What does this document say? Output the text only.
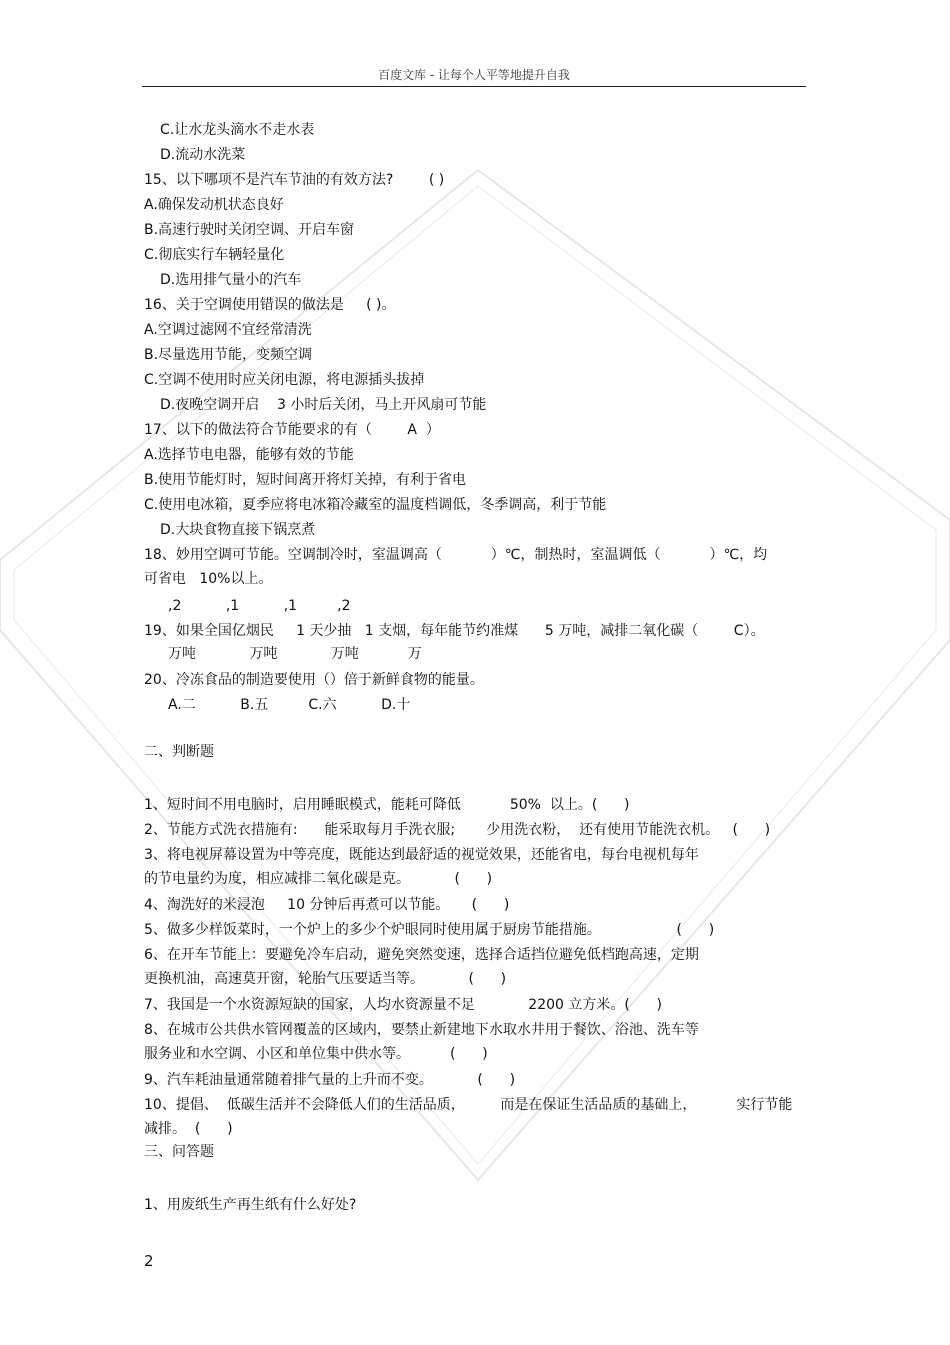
百度文库 - 让每个人平等地提升自我
C.让水龙头滴水不走水表
D.流动水洗菜
15、以下哪项不是汽车节油的有效方法?        ( )
A.确保发动机状态良好
B.高速行驶时关闭空调、开启车窗
C.彻底实行车辆轻量化
D.选用排气量小的汽车
16、关于空调使用错误的做法是     ( )。
A.空调过滤网不宜经常清洗
B.尽量选用节能，变频空调
C.空调不使用时应关闭电源，将电源插头拔掉
D.夜晚空调开启    3 小时后关闭，马上开风扇可节能
17、以下的做法符合节能要求的有（        A  ）
A.选择节电电器，能够有效的节能
B.使用节能灯时，短时间离开将灯关掉，有利于省电
C.使用电冰箱，夏季应将电冰箱冷藏室的温度档调低，冬季调高，利于节能
D.大块食物直接下锅烹煮
18、妙用空调可节能。空调制冷时，室温调高（           ）℃，制热时，室温调低（           ）℃，均
可省电   10%以上。
,2          ,1          ,1         ,2
19、如果全国亿烟民     1 天少抽   1 支烟，每年能节约准煤      5 万吨，减排二氧化碳（        C）。
万吨            万吨            万吨           万
20、冷冻食品的制造要使用（）倍于新鲜食物的能量。
A.二          B.五         C.六          D.十
二、判断题
1、短时间不用电脑时，启用睡眠模式，能耗可降低           50%  以上。(      )
2、节能方式洗衣措施有:      能采取每月手洗衣服;       少用洗衣粉，  还有使用节能洗衣机。   (      )
3、将电视屏幕设置为中等亮度，既能达到最舒适的视觉效果，还能省电，每台电视机每年
的节电量约为度，相应减排二氧化碳是克。          (      )
4、淘洗好的米浸泡     10 分钟后再煮可以节能。     (      )
5、做多少样饭菜时，一个炉上的多少个炉眼同时使用属于厨房节能措施。                 (      )
6、在开车节能上：要避免冷车启动，避免突然变速，选择合适挡位避免低档跑高速，定期
更换机油，高速莫开窗，轮胎气压要适当等。          (      )
7、我国是一个水资源短缺的国家，人均水资源量不足            2200 立方米。(      )
8、在城市公共供水管网覆盖的区域内，要禁止新建地下水取水井用于餐饮、浴池、洗车等
服务业和水空调、小区和单位集中供水等。         (      )
9、汽车耗油量通常随着排气量的上升而不变。          (      )
10、提倡、  低碳生活并不会降低人们的生活品质，        而是在保证生活品质的基础上，         实行节能
减排。  (      )
三、问答题
1、用废纸生产再生纸有什么好处?
2
